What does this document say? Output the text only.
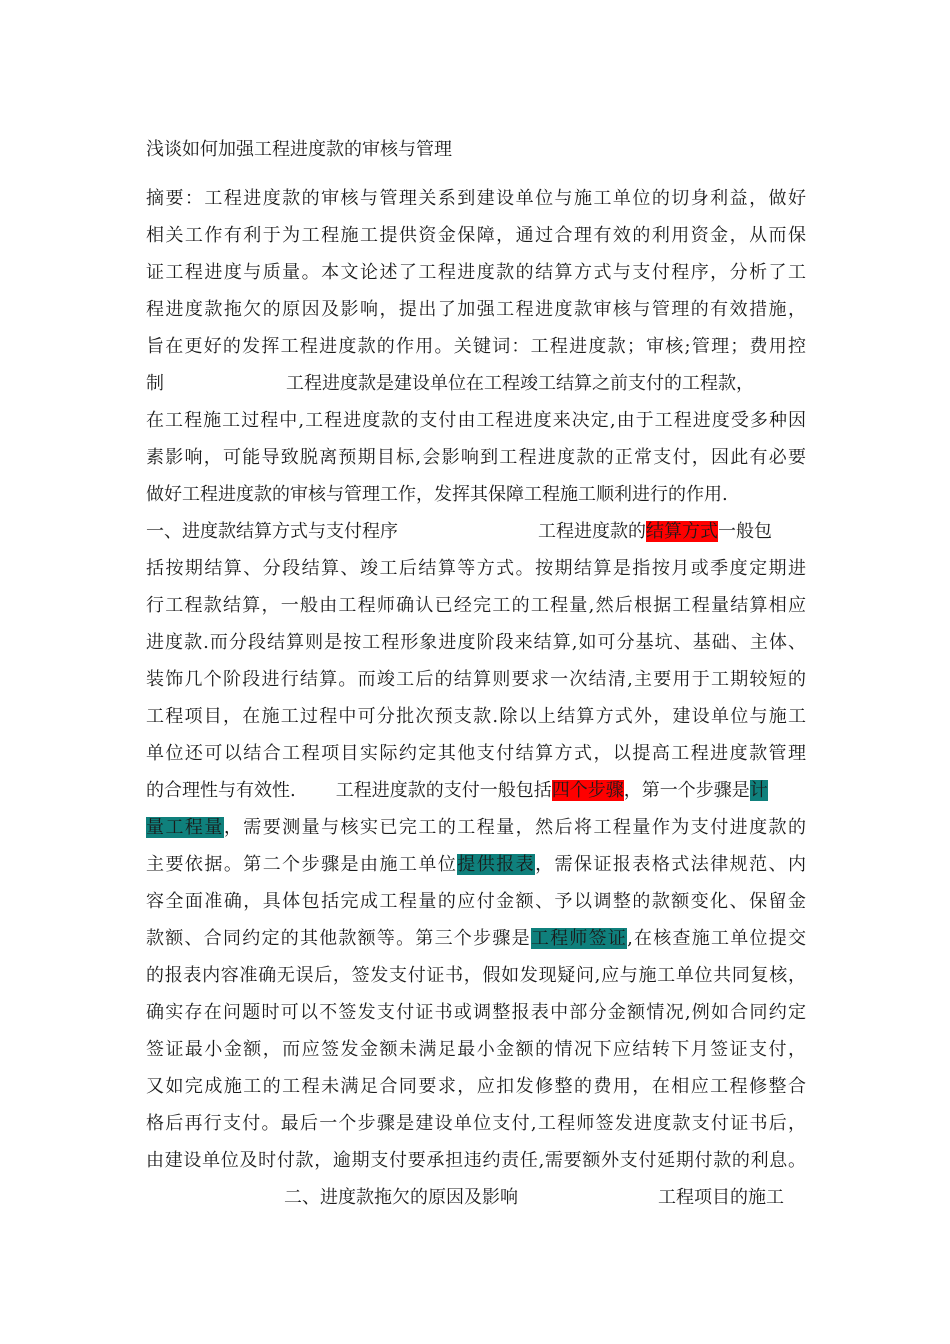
浅谈如何加强工程进度款的审核与管理
摘要：工程进度款的审核与管理关系到建设单位与施工单位的切身利益，做好
相关工作有利于为工程施工提供资金保障，通过合理有效的利用资金，从而保
证工程进度与质量。本文论述了工程进度款的结算方式与支付程序，分析了工
程进度款拖欠的原因及影响，提出了加强工程进度款审核与管理的有效措施，
旨在更好的发挥工程进度款的作用。关键词：工程进度款；审核;管理；费用控
制	工程进度款是建设单位在工程竣工结算之前支付的工程款，
在工程施工过程中,工程进度款的支付由工程进度来决定,由于工程进度受多种因
素影响，可能导致脱离预期目标,会影响到工程进度款的正常支付，因此有必要
做好工程进度款的审核与管理工作，发挥其保障工程施工顺利进行的作用.
一、进度款结算方式与支付程序	工程进度款的结算方式一般包
括按期结算、分段结算、竣工后结算等方式。按期结算是指按月或季度定期进
行工程款结算，一般由工程师确认已经完工的工程量,然后根据工程量结算相应
进度款.而分段结算则是按工程形象进度阶段来结算,如可分基坑、基础、主体、
装饰几个阶段进行结算。而竣工后的结算则要求一次结清,主要用于工期较短的
工程项目，在施工过程中可分批次预支款.除以上结算方式外，建设单位与施工
单位还可以结合工程项目实际约定其他支付结算方式，以提高工程进度款管理
的合理性与有效性. 工程进度款的支付一般包括四个步骤，第一个步骤是计
量工程量，需要测量与核实已完工的工程量，然后将工程量作为支付进度款的
主要依据。第二个步骤是由施工单位提供报表，需保证报表格式法律规范、内
容全面准确，具体包括完成工程量的应付金额、予以调整的款额变化、保留金
款额、合同约定的其他款额等。第三个步骤是工程师签证,在核查施工单位提交
的报表内容准确无误后，签发支付证书，假如发现疑问,应与施工单位共同复核，
确实存在问题时可以不签发支付证书或调整报表中部分金额情况,例如合同约定
签证最小金额，而应签发金额未满足最小金额的情况下应结转下月签证支付，
又如完成施工的工程未满足合同要求，应扣发修整的费用，在相应工程修整合
格后再行支付。最后一个步骤是建设单位支付,工程师签发进度款支付证书后，
由建设单位及时付款，逾期支付要承担违约责任,需要额外支付延期付款的利息。
二、进度款拖欠的原因及影响	工程项目的施工
